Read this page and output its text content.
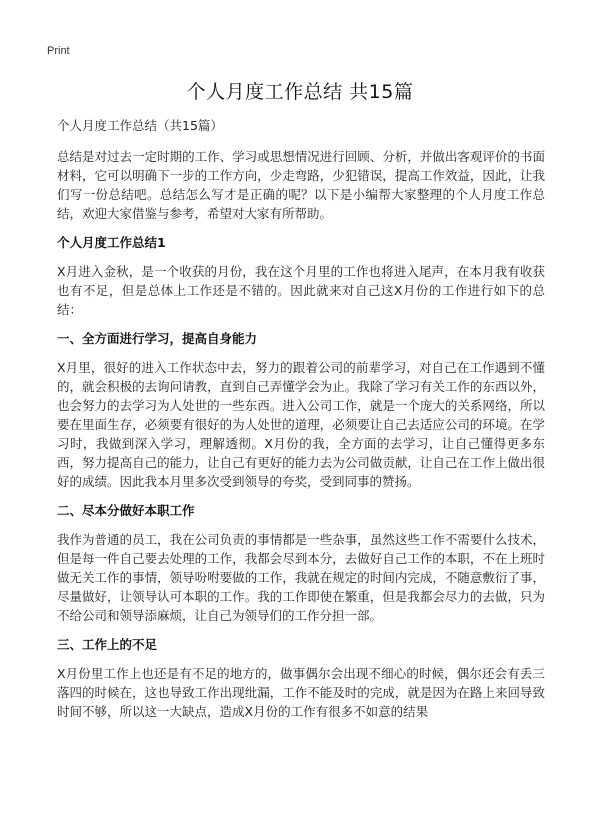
Print
个人月度工作总结 共15篇
个人月度工作总结（共15篇）

总结是对过去一定时期的工作、学习或思想情况进行回顾、分析，并做出客观评价的书面材料，它可以明确下一步的工作方向，少走弯路，少犯错误，提高工作效益，因此，让我们写一份总结吧。总结怎么写才是正确的呢？以下是小编帮大家整理的个人月度工作总结，欢迎大家借鉴与参考，希望对大家有所帮助。

个人月度工作总结1

X月进入金秋，是一个收获的月份，我在这个月里的工作也将进入尾声，在本月我有收获也有不足，但是总体上工作还是不错的。因此就来对自己这X月份的工作进行如下的总结：

一、全方面进行学习，提高自身能力

X月里，很好的进入工作状态中去，努力的跟着公司的前辈学习，对自己在工作遇到不懂的，就会积极的去询问请教，直到自己弄懂学会为止。我除了学习有关工作的东西以外，也会努力的去学习为人处世的一些东西。进入公司工作，就是一个庞大的关系网络，所以要在里面生存，必须要有很好的为人处世的道理，必须要让自己去适应公司的环境。在学习时，我做到深入学习，理解透彻。X月份的我，全方面的去学习，让自己懂得更多东西，努力提高自己的能力，让自己有更好的能力去为公司做贡献，让自己在工作上做出很好的成绩。因此我本月里多次受到领导的夸奖，受到同事的赞扬。

二、尽本分做好本职工作

我作为普通的员工，我在公司负责的事情都是一些杂事，虽然这些工作不需要什么技术，但是每一件自己要去处理的工作，我都会尽到本分，去做好自己工作的本职，不在上班时做无关工作的事情，领导吩咐要做的工作，我就在规定的时间内完成，不随意敷衍了事，尽量做好，让领导认可本职的工作。我的工作即使在繁重，但是我都会尽力的去做，只为不给公司和领导添麻烦，让自己为领导们的工作分担一部。

三、工作上的不足

X月份里工作上也还是有不足的地方的，做事偶尔会出现不细心的时候，偶尔还会有丢三落四的时候在，这也导致工作出现纰漏，工作不能及时的完成，就是因为在路上来回导致时间不够，所以这一大缺点，造成X月份的工作有很多不如意的结果
